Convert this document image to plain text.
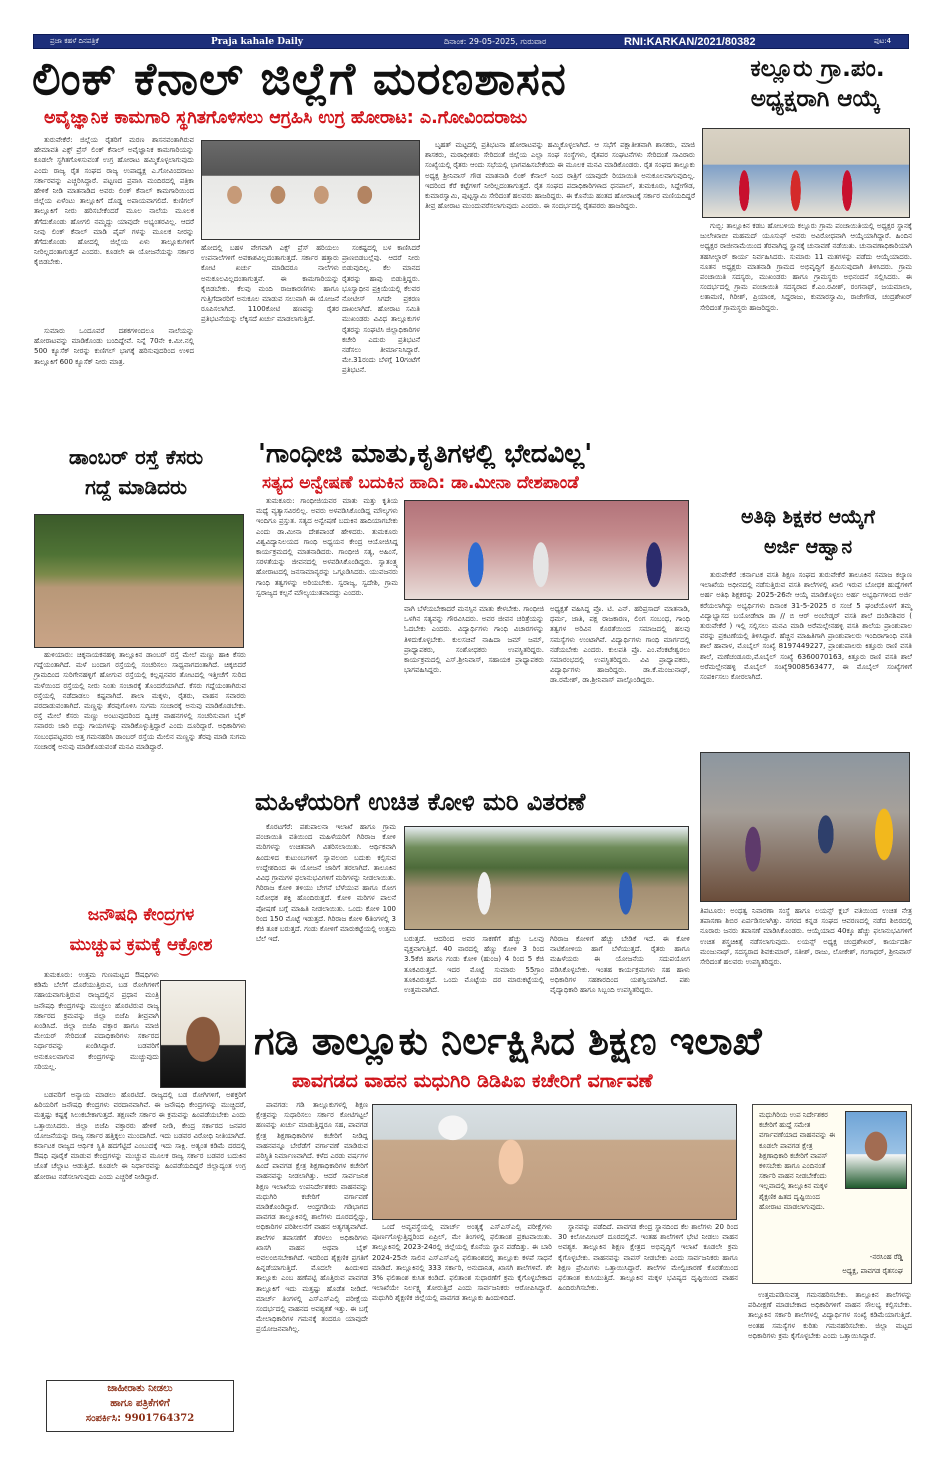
ಪ್ರಜಾ ಕಹಳೆ ದಿನಪತ್ರಿಕೆ	Praja kahale Daily	ದಿನಾಂಕ: 29-05-2025, ಗುರುವಾರ	RNI:KARKAN/2021/80382	ಪುಟ:4
ಲಿಂಕ್ ಕೆನಾಲ್ ಜಿಲ್ಲೆಗೆ ಮರಣಶಾಸನ
ಅವೈಜ್ಞಾನಿಕ ಕಾಮಗಾರಿ ಸ್ಥಗಿತಗೊಳಿಸಲು ಆಗ್ರಹಿಸಿ ಉಗ್ರ ಹೋರಾಟ: ಎ.ಗೋವಿಂದರಾಜು

ತುರುವೇಕೆರೆ: ಜಿಲ್ಲೆಯ ರೈತರಿಗೆ ಮರಣ ಶಾಸನವಂತಾಗಿರುವ ಹೇಮಾವತಿ ಎಕ್ಸ್ ಪ್ರೆಸ್ ಲಿಂಕ್ ಕೆನಾಲ್ ಅವೈಜ್ಞಾನಿಕ ಕಾಮಗಾರಿಯನ್ನು ಕೂಡಲೇ ಸ್ಥಗಿತಗೊಳಿಸುವಂತೆ ಉಗ್ರ ಹೋರಾಟ ಹಮ್ಮಿಕೊಳ್ಳಲಾಗುವುದು ಎಂದು ರಾಜ್ಯ ರೈತ ಸಂಘದ ರಾಜ್ಯ ಉಪಾಧ್ಯಕ್ಷ ಎ.ಗೋವಿಂದರಾಜು ಸರ್ಕಾರವನ್ನು ಎಚ್ಚರಿಸಿದ್ದಾರೆ. ಪಟ್ಟಣದ ಪ್ರವಾಸಿ ಮಂದಿರದಲ್ಲಿ ಪತ್ರಿಕಾ ಹೇಳಿಕೆ ನೀಡಿ ಮಾತನಾಡಿದ ಅವರು ಲಿಂಕ್ ಕೆನಾಲ್ ಕಾಮಗಾರಿಯಿಂದ ಜಿಲ್ಲೆಯ ಏಳೆಂಟು ತಾಲ್ಲೂಕಿಗೆ ದೊಡ್ಡ ಅಪಾಯವಾಗಲಿದೆ. ಕುಣಿಗಲ್ ತಾಲ್ಲೂಕಿಗೆ ನೀರು ಹರಿಸಬೇಕೆಂದರೆ ಮೂಲ ನಾಲೆಯ ಮೂಲಕ ತೆಗೆದುಕೊಂಡು ಹೋಗಲಿ ನಮ್ಮದ್ದು ಯಾವುದೇ ಅಭ್ಯಂತರವಿಲ್ಲ. ಆದರೆ ನೀವು ಲಿಂಕ್ ಕೆನಾಲ್ ಮಾಡಿ ಪೈಪ್ ಗಳನ್ನು ಮೂಲಕ ನೀರನ್ನು ತೆಗೆದುಕೊಂಡು ಹೋದಲ್ಲಿ ಜಿಲ್ಲೆಯ ಏಳು ತಾಲ್ಲೂಕುಗಳಿಗೆ ನೀರಿಲ್ಲದಂತಾಗುತ್ತದೆ ಎಂದರು. ಕೂಡಲೇ ಈ ಯೋಜನೆಯನ್ನು ಸರ್ಕಾರ ಕೈಬಿಡಬೇಕು.

ಸುಮಾರು ಒಂದೂವರೆ ದಶಕಗಳಿಂದಲೂ ನಾಲೆಯನ್ನು ಹೋರಾಟವನ್ನು ಮಾಡಿಕೊಂಡು ಬಂದಿದ್ದೇವೆ. ನಿನ್ನೆ 70ನೇ ಕಿ.ಮೀ.ನಲ್ಲಿ 500 ಕ್ಯೂಸೆಕ್ ನೀರನ್ನು ಕುಣಿಗಲ್ ಭಾಗಕ್ಕೆ ಹರಿಸುವುದರಿಂದ ಉಳಿದ ತಾಲ್ಲೂಕಿಗೆ 600 ಕ್ಯೂಸೆಕ್ ನೀರು ಮಾತ್ರ.

ಹೋದಲ್ಲಿ ಬಹಳ ವೇಗವಾಗಿ ಎಕ್ಸ್ ಪ್ರೆಸ್ ಹರಿಯಲು ಉಪನಾಲೆಗಳಿಗೆ ಅವಕಾಶವಿಲ್ಲದಂತಾಗುತ್ತದೆ. ಸರ್ಕಾರ ಹತ್ತಾರು ಕೋಟಿ ಖರ್ಚು ಮಾಡಿದರೂ ನಾಲೆಗಳು ಅನುಕೂಲವಿಲ್ಲದಂತಾಗುತ್ತವೆ. ಈ ಕಾಮಗಾರಿಯನ್ನು ಕೈಬಿಡಬೇಕು. ಕೆಲವು ಮಂದಿ ರಾಜಕಾರಣಿಗಳು ಹಾಗೂ ಗುತ್ತಿಗೆದಾರರಿಗೆ ಅನುಕೂಲ ಮಾಡುವ ಸಲುವಾಗಿ ಈ ಯೋಜನೆ ರೂಪಿಸಲಾಗಿದೆ. 1100ಕೋಟಿ ಹಣವನ್ನು ರೈತರ ಪ್ರತಿಭಟನೆಯನ್ನು ಲೆಕ್ಕಿಸದೆ ಖರ್ಚು ಮಾಡಲಾಗುತ್ತಿದೆ.

ಸಂಕಷ್ಟದಲ್ಲಿ ಬಳ ಕಾಣಿಸಿದರೆ ಪ್ರಾಣಬಿಡಬಲ್ಲೆವು. ಆದರೆ ನೀರು ಬಿಡುವುದಿಲ್ಲ. ಕೆಲ ಮಾನದ ರೈತರನ್ನು ಹಾವು ಬಿಡುತ್ತಿದ್ದರು. ಭೂಸ್ವಾಧೀನ ಪ್ರಕ್ರಿಯೆಯಲ್ಲಿ ಕೆಲವರ ನೋಟೀಸ್ ಸಿಗದೇ ಪ್ರಕರಣ ದಾಖಲಾಗಿದೆ. ಹೋರಾಟ ಸಮಿತಿ ಮುಖಂಡರು ವಿವಿಧ ತಾಲ್ಲೂಕುಗಳ ರೈತರನ್ನು ಸಂಘಟಿಸಿ ಜಿಲ್ಲಾಧಿಕಾರಿಗಳ ಕಚೇರಿ ಎದುರು ಪ್ರತಿಭಟನೆ ನಡೆಸಲು ತೀರ್ಮಾನಿಸಿದ್ದಾರೆ. ಮೇ.31ರಂದು ಬೆಳಗ್ಗೆ 10ಗಂಟೆಗೆ ಪ್ರತಿಭಟನೆ.

ಬೃಹತ್ ಮಟ್ಟದಲ್ಲಿ ಪ್ರತಿಭಟನಾ ಹೋರಾಟವನ್ನು ಹಮ್ಮಿಕೊಳ್ಳಲಾಗಿದೆ. ಆ ಸಭೆಗೆ ಪಕ್ಷಾತೀತವಾಗಿ ಶಾಸಕರು, ಮಾಜಿ ಶಾಸಕರು, ಮಠಾಧೀಶರು ಸೇರಿದಂತೆ ಜಿಲ್ಲೆಯ ಎಲ್ಲಾ ಸಂಘ ಸಂಸ್ಥೆಗಳು, ರೈತಪರ ಸಂಘಟನೆಗಳು ಸೇರಿದಂತೆ ಸಾವಿರಾರು ಸಂಖ್ಯೆಯಲ್ಲಿ ರೈತರು ಆಂದು ಸಭೆಯಲ್ಲಿ ಭಾಗವಹಿಸಬೇಕೆಂದು ಈ ಮೂಲಕ ಮನವಿ ಮಾಡಿಕೊಂಡರು. ರೈತ ಸಂಘದ ತಾಲ್ಲೂಕು ಅಧ್ಯಕ್ಷ ಶ್ರೀನಿವಾಸ್ ಗೌಡ ಮಾತನಾಡಿ ಲಿಂಕ್ ಕೆನಾಲ್ ನಿಂದ ರಾತ್ರಿಗೆ ಯಾವುದೇ ರಿಯಾಯಿತಿ ಅನುಕೂಲವಾಗುವುದಿಲ್ಲ. ಇದರಿಂದ ಕೆರೆ ಕಟ್ಟೆಗಳಿಗೆ ನೀರಿಲ್ಲದಂತಾಗುತ್ತದೆ. ರೈತ ಸಂಘದ ಪದಾಧಿಕಾರಿಗಳಾದ ಧನಪಾಲ್, ತುಮಕೂರು, ಸಿದ್ದೇಗೌಡ, ಕುಮಾರಸ್ವಾಮಿ, ಪುಟ್ಟಸ್ವಾಮಿ ಸೇರಿದಂತೆ ಹಲವರು ಹಾಜರಿದ್ದರು. ಈ ಕೊನೆಯ ಹಂತದ ಹೋರಾಟಕ್ಕೆ ಸರ್ಕಾರ ಮಣಿಯದಿದ್ದರೆ ತೀವ್ರ ಹೋರಾಟ ಮುಂದುವರೆಸಲಾಗುವುದು ಎಂದರು. ಈ ಸಂದರ್ಭದಲ್ಲಿ ರೈತಪರರು ಹಾಜರಿದ್ದರು.

ಕಲ್ಲೂರು ಗ್ರಾ.ಪಂ.
ಅಧ್ಯಕ್ಷರಾಗಿ ಆಯ್ಕೆ

ಗುಬ್ಬಿ: ತಾಲ್ಲೂಕಿನ ಕಡಬ ಹೋಬಳಿಯ ಕಲ್ಲೂರು ಗ್ರಾಮ ಪಂಚಾಯಿತಿಯಲ್ಲಿ ಅಧ್ಯಕ್ಷರ ಸ್ಥಾನಕ್ಕೆ ಜುಲೇಖಾಬೀ ಮಹಮದ್ ಯೂಸುಫ್ ಅವರು ಅವಿರೋಧವಾಗಿ ಆಯ್ಕೆಯಾಗಿದ್ದಾರೆ. ಹಿಂದಿನ ಅಧ್ಯಕ್ಷರ ರಾಜೀನಾಮೆಯಿಂದ ತೆರವಾಗಿದ್ದ ಸ್ಥಾನಕ್ಕೆ ಚುನಾವಣೆ ನಡೆಯಿತು. ಚುನಾವಣಾಧಿಕಾರಿಯಾಗಿ ತಹಸೀಲ್ದಾರ್ ಕಾರ್ಯ ನಿರ್ವಹಿಸಿದರು. ಸುಮಾರು 11 ಮತಗಳನ್ನು ಪಡೆದು ಆಯ್ಕೆಯಾದರು. ನೂತನ ಅಧ್ಯಕ್ಷರು ಮಾತನಾಡಿ ಗ್ರಾಮದ ಅಭಿವೃದ್ಧಿಗೆ ಶ್ರಮಿಸುವುದಾಗಿ ತಿಳಿಸಿದರು. ಗ್ರಾಮ ಪಂಚಾಯಿತಿ ಸದಸ್ಯರು, ಮುಖಂಡರು ಹಾಗೂ ಗ್ರಾಮಸ್ಥರು ಅಭಿನಂದನೆ ಸಲ್ಲಿಸಿದರು. ಈ ಸಂದರ್ಭದಲ್ಲಿ ಗ್ರಾಮ ಪಂಚಾಯಿತಿ ಸದಸ್ಯರಾದ ಕೆ.ಎಂ.ರವೀಶ್, ರಂಗನಾಥ್, ಜಯಮಾಲಾ, ಲತಾಮಣಿ, ಗಿರೀಶ್, ಪ್ರಿಯಾಂಕ, ಸಿದ್ದರಾಜು, ಕುಮಾರಸ್ವಾಮಿ, ರಾಜೇಗೌಡ, ಚಂದ್ರಶೇಖರ್ ಸೇರಿದಂತೆ ಗ್ರಾಮಸ್ಥರು ಹಾಜರಿದ್ದರು.

ಡಾಂಬರ್ ರಸ್ತೆ ಕೆಸರು
ಗದ್ದೆ ಮಾಡಿದರು

ಹುಳಿಯಾರು: ಚಿಕ್ಕನಾಯಕನಹಳ್ಳಿ ತಾಲ್ಲೂಕಿನ ಡಾಂಬರ್ ರಸ್ತೆ ಮೇಲೆ ಮಣ್ಣು ಹಾಕಿ ಕೆಸರು ಗದ್ದೆಯಂತಾಗಿದೆ. ಮಳೆ ಬಂದಾಗ ರಸ್ತೆಯಲ್ಲಿ ಸಂಚರಿಸಲು ಸಾಧ್ಯವಾಗದಂತಾಗಿದೆ. ಚಿಕ್ಕಬಿದರೆ ಗ್ರಾಮದಿಂದ ಸುರಿಗೇನಹಳ್ಳಿಗೆ ಹೋಗುವ ರಸ್ತೆಯಲ್ಲಿ ಕಲ್ಲಪ್ಪನವರ ತೋಟದಲ್ಲಿ ಇತ್ತೀಚೆಗೆ ಸುರಿದ ಮಳೆಯಿಂದ ರಸ್ತೆಯಲ್ಲಿ ನೀರು ನಿಂತು ಸಂಚಾರಕ್ಕೆ ತೊಂದರೆಯಾಗಿದೆ. ಕೆಸರು ಗದ್ದೆಯಂತಾಗಿರುವ ರಸ್ತೆಯಲ್ಲಿ ನಡೆದಾಡಲು ಕಷ್ಟವಾಗಿದೆ. ಶಾಲಾ ಮಕ್ಕಳು, ರೈತರು, ವಾಹನ ಸವಾರರು ಪರದಾಡುವಂತಾಗಿದೆ. ಮಣ್ಣನ್ನು ತೆರವುಗೊಳಿಸಿ ಸುಗಮ ಸಂಚಾರಕ್ಕೆ ಅನುವು ಮಾಡಿಕೊಡಬೇಕು. ರಸ್ತೆ ಮೇಲೆ ಕೆಸರು ಮಣ್ಣು ಅಂಟುವುದರಿಂದ ದ್ವಿಚಕ್ರ ವಾಹನಗಳಲ್ಲಿ ಸಂಚರಿಸುವಾಗ ಬೈಕ್ ಸವಾರರು ಜಾರಿ ಬಿದ್ದು ಗಾಯಗಳನ್ನು ಮಾಡಿಕೊಳ್ಳುತ್ತಿದ್ದಾರೆ ಎಂದು ದೂರಿದ್ದಾರೆ. ಅಧಿಕಾರಿಗಳು ಸಂಬಂಧಪಟ್ಟವರು ಅತ್ತ ಗಮನಹರಿಸಿ ಡಾಂಬರ್ ರಸ್ತೆಯ ಮೇಲಿನ ಮಣ್ಣನ್ನು ತೆರವು ಮಾಡಿ ಸುಗಮ ಸಂಚಾರಕ್ಕೆ ಅನುವು ಮಾಡಿಕೊಡುವಂತೆ ಮನವಿ ಮಾಡಿದ್ದಾರೆ.

'ಗಾಂಧೀಜಿ ಮಾತು,ಕೃತಿಗಳಲ್ಲಿ ಭೇದವಿಲ್ಲ'
ಸತ್ಯದ ಅನ್ವೇಷಣೆ ಬದುಕಿನ ಹಾದಿ: ಡಾ.ಮೀನಾ ದೇಶಪಾಂಡೆ

ತುಮಕೂರು: ಗಾಂಧೀಜಿಯವರ ಮಾತು ಮತ್ತು ಕೃತಿಯ ಮಧ್ಯೆ ವ್ಯತ್ಯಾಸವಿರಲಿಲ್ಲ. ಅವರು ಅಳವಡಿಸಿಕೊಂಡಿದ್ದ ಮೌಲ್ಯಗಳು ಇಂದಿಗೂ ಪ್ರಸ್ತುತ. ಸತ್ಯದ ಅನ್ವೇಷಣೆ ಬದುಕಿನ ಹಾದಿಯಾಗಬೇಕು ಎಂದು ಡಾ.ಮೀನಾ ದೇಶಪಾಂಡೆ ಹೇಳಿದರು. ತುಮಕೂರು ವಿಶ್ವವಿದ್ಯಾನಿಲಯದ ಗಾಂಧಿ ಅಧ್ಯಯನ ಕೇಂದ್ರ ಆಯೋಜಿಸಿದ್ದ ಕಾರ್ಯಕ್ರಮದಲ್ಲಿ ಮಾತನಾಡಿದರು. ಗಾಂಧೀಜಿ ಸತ್ಯ, ಅಹಿಂಸೆ, ಸರಳತೆಯನ್ನು ಜೀವನದಲ್ಲಿ ಅಳವಡಿಸಿಕೊಂಡಿದ್ದರು. ಸ್ವಾತಂತ್ರ್ಯ ಹೋರಾಟದಲ್ಲಿ ಜನಸಾಮಾನ್ಯರನ್ನು ಒಗ್ಗೂಡಿಸಿದರು. ಯುವಜನರು ಗಾಂಧಿ ತತ್ವಗಳನ್ನು ಅರಿಯಬೇಕು. ಸ್ವರಾಜ್ಯ, ಸ್ವದೇಶಿ, ಗ್ರಾಮ ಸ್ವರಾಜ್ಯದ ಕಲ್ಪನೆ ಮೌಲ್ಯಯುತವಾದದ್ದು ಎಂದರು.

ವಾಗಿ ಬೆಳೆಯಬೇಕಾದರೆ ಮನಸ್ಸಿನ ಮಾತು ಕೇಳಬೇಕು. ಗಾಂಧೀಜಿ ಒಳಗಿನ ಸತ್ಯವನ್ನು ಗೌರವಿಸಿದರು. ಅವರ ಜೀವನ ಚರಿತ್ರೆಯನ್ನು ಓದಬೇಕು ಎಂದರು. ವಿದ್ಯಾರ್ಥಿಗಳು ಗಾಂಧಿ ವಿಚಾರಗಳನ್ನು ತಿಳಿದುಕೊಳ್ಳಬೇಕು. ಕುಲಸಚಿವೆ ನಾಹಿದಾ ಜಮ್ ಜಮ್, ಪ್ರಾಧ್ಯಾಪಕರು, ಸಂಶೋಧಕರು ಉಪಸ್ಥಿತರಿದ್ದರು. ಕಾರ್ಯಕ್ರಮದಲ್ಲಿ ಎಸ್.ಶ್ರೀನಿವಾಸ್, ಸಹಾಯಕ ಪ್ರಾಧ್ಯಾಪಕರು ಭಾಗವಹಿಸಿದ್ದರು.

ಅಧ್ಯಕ್ಷತೆ ವಹಿಸಿದ್ದ ಪ್ರೊ. ಟಿ. ಎನ್. ಹರಿಪ್ರಸಾದ್ ಮಾತನಾಡಿ, ಧರ್ಮ, ಜಾತಿ, ಪಕ್ಷ ರಾಜಕಾರಣ, ಲಿಂಗ ಸಂಬಂಧ, ಗಾಂಧಿ ತತ್ವಗಳ ಅರಿವಿನ ಕೊರತೆಯಿಂದ ಸಮಾಜದಲ್ಲಿ ಹಲವು ಸಮಸ್ಯೆಗಳು ಉಂಟಾಗಿವೆ. ವಿದ್ಯಾರ್ಥಿಗಳು ಗಾಂಧಿ ಮಾರ್ಗದಲ್ಲಿ ನಡೆಯಬೇಕು ಎಂದರು. ಕುಲಪತಿ ಪ್ರೊ. ಎಂ.ವೆಂಕಟೇಶ್ವರಲು ಸಮಾರಂಭದಲ್ಲಿ ಉಪಸ್ಥಿತರಿದ್ದರು. ವಿವಿ ಪ್ರಾಧ್ಯಾಪಕರು, ವಿದ್ಯಾರ್ಥಿಗಳು ಹಾಜರಿದ್ದರು. ಡಾ.ಕೆ.ಮಂಜುನಾಥ್, ಡಾ.ರಮೇಶ್, ಡಾ.ಶ್ರೀನಿವಾಸ್ ಪಾಲ್ಗೊಂಡಿದ್ದರು.

ಅತಿಥಿ ಶಿಕ್ಷಕರ ಆಯ್ಕೆಗೆ
ಅರ್ಜಿ ಆಹ್ವಾನ

ತುರುವೇಕೆರೆ :ಕರ್ನಾಟಕ ವಸತಿ ಶಿಕ್ಷಣ ಸಂಘದ ತುರುವೇಕೆರೆ ತಾಲೂಕಿನ ಸಮಾಜ ಕಲ್ಯಾಣ ಇಲಾಖೆಯ ಅಧೀನದಲ್ಲಿ ನಡೆಸುತ್ತಿರುವ ವಸತಿ ಶಾಲೆಗಳಲ್ಲಿ ಖಾಲಿ ಇರುವ ಬೋಧಕ ಹುದ್ದೆಗಳಿಗೆ ಅರ್ಹ ಅತಿಥಿ ಶಿಕ್ಷಕರನ್ನು 2025-26ನೇ ಆಯ್ಕೆ ಮಾಡಿಕೊಳ್ಳಲು ಅರ್ಹ ಅಭ್ಯರ್ಥಿಗಳಿಂದ ಅರ್ಜಿ ಕರೆಯಲಾಗಿದ್ದು ಅಭ್ಯರ್ಥಿಗಳು ದಿನಾಂಕ 31-5-2025 ರ ಸಂಜೆ 5 ಘಂಟೆಯೊಳಗೆ ತಮ್ಮ ವಿದ್ಯಾಭ್ಯಾಸದ ಬಯೋಡೇಟಾ ಡಾ // ಬಿ ಆರ್ ಅಂಬೇಡ್ಕರ್ ವಸತಿ ಶಾಲೆ ದಂಡಿನಶಿವರ ( ತುರುವೇಕೆರೆ ) ಇಲ್ಲಿ ಸಲ್ಲಿಸಲು ಮನವಿ ಮಾಡಿ ಅರೆಮಲ್ಲೇನಹಳ್ಳಿ ವಸತಿ ಶಾಲೆಯ ಪ್ರಾಂಶುಪಾಲ ವರನ್ನು ಪ್ರಕಟಣೆಯಲ್ಲಿ ತಿಳಿಸಿದ್ದಾರೆ. ಹೆಚ್ಚಿನ ಮಾಹಿತಿಗಾಗಿ ಪ್ರಾಂಶುಪಾಲರು ಇಂದಿರಾಗಾಂಧಿ ವಸತಿ ಶಾಲೆ ಹಾವಾಳ, ಮೊಬೈಲ್ ಸಂಖ್ಯೆ 8197449227, ಪ್ರಾಂಶುಪಾಲರು ಕಿತ್ತೂರು ರಾಣಿ ವಸತಿ ಶಾಲೆ, ಮಣೆಚಂಡೂರು,ಮೊಬೈಲ್ ಸಂಖ್ಯೆ 6360070163, ಕಿತ್ತೂರು ರಾಣಿ ವಸತಿ ಶಾಲೆ ಅರೆಮಲ್ಲೇನಹಳ್ಳಿ ಮೊಬೈಲ್ ಸಂಖ್ಯೆ9008563477, ಈ ಮೊಬೈಲ್ ಸಂಖ್ಯೆಗಳಿಗೆ ಸಂಪರ್ಕಿಸಲು ಕೋರಲಾಗಿದೆ.

ತಿಪಟೂರು: ಅಂಧತ್ವ ನಿವಾರಣಾ ಸಂಸ್ಥೆ ಹಾಗೂ ಲಯನ್ಸ್ ಕ್ಲಬ್ ವತಿಯಿಂದ ಉಚಿತ ನೇತ್ರ ತಪಾಸಣಾ ಶಿಬಿರ ಏರ್ಪಡಿಸಲಾಗಿತ್ತು. ನಗರದ ಕನ್ನಡ ಸಂಘದ ಆವರಣದಲ್ಲಿ ನಡೆದ ಶಿಬಿರದಲ್ಲಿ ನೂರಾರು ಜನರು ತಪಾಸಣೆ ಮಾಡಿಸಿಕೊಂಡರು. ಆಯ್ಕೆಯಾದ 40ಕ್ಕೂ ಹೆಚ್ಚು ಫಲಾನುಭವಿಗಳಿಗೆ ಉಚಿತ ಶಸ್ತ್ರಚಿಕಿತ್ಸೆ ನಡೆಸಲಾಗುವುದು. ಲಯನ್ಸ್ ಅಧ್ಯಕ್ಷ ಚಂದ್ರಶೇಖರ್, ಕಾರ್ಯದರ್ಶಿ ಮಂಜುನಾಥ್, ಸದಸ್ಯರಾದ ಶಿವಕುಮಾರ್, ಸತೀಶ್, ರಾಜು, ಲೋಕೇಶ್, ಗಂಗಾಧರ್, ಶ್ರೀನಿವಾಸ್ ಸೇರಿದಂತೆ ಹಲವರು ಉಪಸ್ಥಿತರಿದ್ದರು.

ಮಹಿಳೆಯರಿಗೆ ಉಚಿತ ಕೋಳಿ ಮರಿ ವಿತರಣೆ

ಕೊರಟಗೆರೆ: ಪಶುಪಾಲನಾ ಇಲಾಖೆ ಹಾಗೂ ಗ್ರಾಮ ಪಂಚಾಯಿತಿ ವತಿಯಿಂದ ಮಹಿಳೆಯರಿಗೆ ಗಿರಿರಾಜ ಕೋಳಿ ಮರಿಗಳನ್ನು ಉಚಿತವಾಗಿ ವಿತರಿಸಲಾಯಿತು. ಆರ್ಥಿಕವಾಗಿ ಹಿಂದುಳಿದ ಕುಟುಂಬಗಳಿಗೆ ಸ್ವಾವಲಂಬಿ ಬದುಕು ಕಲ್ಪಿಸುವ ಉದ್ದೇಶದಿಂದ ಈ ಯೋಜನೆ ಜಾರಿಗೆ ತರಲಾಗಿದೆ. ತಾಲೂಕಿನ ವಿವಿಧ ಗ್ರಾಮಗಳ ಫಲಾನುಭವಿಗಳಿಗೆ ಮರಿಗಳನ್ನು ನೀಡಲಾಯಿತು. ಗಿರಿರಾಜ ಕೋಳಿ ತಳಿಯು ಬೇಗನೆ ಬೆಳೆಯುವ ಹಾಗೂ ರೋಗ ನಿರೋಧಕ ಶಕ್ತಿ ಹೊಂದಿರುತ್ತದೆ. ಕೋಳಿ ಮರಿಗಳ ಪಾಲನೆ ಪೋಷಣೆ ಬಗ್ಗೆ ಮಾಹಿತಿ ನೀಡಲಾಯಿತು. ಒಂದು ಕೋಳಿ 100 ರಿಂದ 150 ಮೊಟ್ಟೆ ಇಡುತ್ತದೆ. ಗಿರಿರಾಜ ಕೋಳಿ 6ತಿಂಗಳಲ್ಲಿ 3 ಕೆಜಿ ತೂಕ ಬರುತ್ತದೆ. ಗಂಡು ಕೋಳಿಗೆ ಮಾರುಕಟ್ಟೆಯಲ್ಲಿ ಉತ್ತಮ ಬೆಲೆ ಇದೆ.	ಬರುತ್ತದೆ. ಆದರಿಂದ ಅವರ ಸಾಕಣೆಗೆ ಹೆಚ್ಚು ಒಲವು ವ್ಯಕ್ತವಾಗುತ್ತಿದೆ. 40 ವಾರದಲ್ಲಿ ಹೆಣ್ಣು ಕೋಳಿ 3 ರಿಂದ 3.5ಕೆಜಿ ಹಾಗೂ ಗಂಡು ಕೋಳಿ (ಹುಂಜ) 4 ರಿಂದ 5 ಕೆಜಿ ತೂಕವಿರುತ್ತದೆ. ಇದರ ಮೊಟ್ಟೆ ಸುಮಾರು 55ಗ್ರಾಂ ತೂಕವಿರುತ್ತದೆ. ಒಂದು ಮೊಟ್ಟೆಯ ದರ ಮಾರುಕಟ್ಟೆಯಲ್ಲಿ ಉತ್ತಮವಾಗಿದೆ.

ಗಿರಿರಾಜ ಕೋಳಿಗೆ ಹೆಚ್ಚು ಬೇಡಿಕೆ ಇದೆ. ಈ ಕೋಳಿ ನಾಟಿಕೋಳಿಯ ಹಾಗೆ ಬೆಳೆಯುತ್ತದೆ. ರೈತರು ಹಾಗೂ ಮಹಿಳೆಯರು ಈ ಯೋಜನೆಯ ಸದುಪಯೋಗ ಪಡಿಸಿಕೊಳ್ಳಬೇಕು. ಇಂತಹ ಕಾರ್ಯಕ್ರಮಗಳು ಸಹ ಹಾಳು ಅಧಿಕಾರಿಗಳ ಸಹಕಾರದಿಂದ ಯಶಸ್ವಿಯಾಗಿದೆ. ಪಶು ವೈದ್ಯಾಧಿಕಾರಿ ಹಾಗೂ ಸಿಬ್ಬಂದಿ ಉಪಸ್ಥಿತರಿದ್ದರು.

ಜನೌಷಧಿ ಕೇಂದ್ರಗಳ
ಮುಚ್ಚುವ ಕ್ರಮಕ್ಕೆ ಆಕ್ರೋಶ

ತುಮಕೂರು: ಉತ್ತಮ ಗುಣಮಟ್ಟದ ಔಷಧಿಗಳು ಕಡಿಮೆ ಬೆಲೆಗೆ ದೊರೆಯುತ್ತಿರುವ, ಬಡ ರೋಗಿಗಳಿಗೆ ಸಹಾಯವಾಗುತ್ತಿರುವ ರಾಜ್ಯದಲ್ಲಿನ ಪ್ರಧಾನ ಮಂತ್ರಿ ಜನೌಷಧಿ ಕೇಂದ್ರಗಳನ್ನು ಮುಚ್ಚಲು ಹೊರಟಿರುವ ರಾಜ್ಯ ಸರ್ಕಾರದ ಕ್ರಮವನ್ನು ಜಿಲ್ಲಾ ಬಿಜೆಪಿ ತೀವ್ರವಾಗಿ ಖಂಡಿಸಿದೆ. ಜಿಲ್ಲಾ ಬಿಜೆಪಿ ವಕ್ತಾರ ಹಾಗೂ ಮಾಜಿ ಮೇಯರ್ ಸೇರಿದಂತೆ ಪದಾಧಿಕಾರಿಗಳು ಸರ್ಕಾರದ ನಿರ್ಧಾರವನ್ನು ಖಂಡಿಸಿದ್ದಾರೆ. ಬಡವರಿಗೆ ಅನುಕೂಲವಾಗುವ ಕೇಂದ್ರಗಳನ್ನು ಮುಚ್ಚುವುದು ಸರಿಯಲ್ಲ.

ಬಡವರಿಗೆ ಅನ್ಯಾಯ ಮಾಡಲು ಹೊರಟಿದೆ. ರಾಜ್ಯದಲ್ಲಿ ಬಡ ರೋಗಿಗಳಿಗೆ, ಅಶಕ್ತರಿಗೆ ಹಿರಿಯರಿಗೆ ಜನೌಷಧಿ ಕೇಂದ್ರಗಳು ವರದಾನವಾಗಿವೆ. ಈ ಜನೌಷಧಿ ಕೇಂದ್ರಗಳನ್ನು ಮುಚ್ಚಿದರೆ, ಮತ್ತಷ್ಟು ಕಷ್ಟಕ್ಕೆ ಸಿಲುಕಬೇಕಾಗುತ್ತದೆ. ತಕ್ಷಣವೇ ಸರ್ಕಾರ ಈ ಕ್ರಮವನ್ನು ಹಿಂಪಡೆಯಬೇಕು ಎಂದು ಒತ್ತಾಯಿಸಿದರು. ಜಿಲ್ಲಾ ಬಿಜೆಪಿ ವಕ್ತಾರರು ಹೇಳಿಕೆ ನೀಡಿ, ಕೇಂದ್ರ ಸರ್ಕಾರದ ಜನಪರ ಯೋಜನೆಯನ್ನು ರಾಜ್ಯ ಸರ್ಕಾರ ಹತ್ತಿಕ್ಕಲು ಮುಂದಾಗಿದೆ. ಇದು ಬಡವರ ವಿರೋಧಿ ನೀತಿಯಾಗಿದೆ. ಕರ್ನಾಟಕ ರಾಜ್ಯದ ಆರ್ಥಿಕ ಸ್ಥಿತಿ ಹದಗೆಟ್ಟಿದೆ ಎಂಬುದಕ್ಕೆ ಇದು ಸಾಕ್ಷಿ. ಅತ್ಯಂತ ಕಡಿಮೆ ದರದಲ್ಲಿ ಔಷಧಿ ಪೂರೈಕೆ ಮಾಡುವ ಕೇಂದ್ರಗಳನ್ನು ಮುಚ್ಚುವ ಮೂಲಕ ರಾಜ್ಯ ಸರ್ಕಾರ ಬಡವರ ಬದುಕಿನ ಜೊತೆ ಚೆಲ್ಲಾಟ ಆಡುತ್ತಿದೆ. ಕೂಡಲೇ ಈ ನಿರ್ಧಾರವನ್ನು ಹಿಂಪಡೆಯದಿದ್ದರೆ ಜಿಲ್ಲಾದ್ಯಂತ ಉಗ್ರ ಹೋರಾಟ ನಡೆಸಲಾಗುವುದು ಎಂದು ಎಚ್ಚರಿಕೆ ನೀಡಿದ್ದಾರೆ.

ಜಾಹೀರಾತು ನೀಡಲು
ಹಾಗೂ ಪತ್ರಿಕೆಗಳಿಗೆ
ಸಂಪರ್ಕಿಸಿ: 9901764372
ಗಡಿ ತಾಲ್ಲೂಕು ನಿರ್ಲಕ್ಷಿಸಿದ ಶಿಕ್ಷಣ ಇಲಾಖೆ
ಪಾವಗಡದ ವಾಹನ ಮಧುಗಿರಿ ಡಿಡಿಪಿಐ ಕಚೇರಿಗೆ ವರ್ಗಾವಣೆ

ಪಾವಗಡ: ಗಡಿ ತಾಲ್ಲೂಕುಗಳಲ್ಲಿ ಶಿಕ್ಷಣ ಕ್ಷೇತ್ರವನ್ನು ಸುಧಾರಿಸಲು ಸರ್ಕಾರ ಕೋಟಿಗಟ್ಟಲೆ ಹಣವನ್ನು ಖರ್ಚು ಮಾಡುತ್ತಿದ್ದರೂ ಸಹ, ಪಾವಗಡ ಕ್ಷೇತ್ರ ಶಿಕ್ಷಣಾಧಿಕಾರಿಗಳ ಕಚೇರಿಗೆ ನೀಡಿದ್ದ ವಾಹನವನ್ನೂ ಬೇರೆಡೆಗೆ ವರ್ಗಾವಣೆ ಮಾಡಿರುವ ಪರಿಸ್ಥಿತಿ ನಿರ್ಮಾಣವಾಗಿದೆ. ಕಳೆದ ಎರಡು ವರ್ಷಗಳ ಹಿಂದೆ ಪಾವಗಡ ಕ್ಷೇತ್ರ ಶಿಕ್ಷಣಾಧಿಕಾರಿಗಳ ಕಚೇರಿಗೆ ವಾಹನವನ್ನು ನೀಡಲಾಗಿತ್ತು. ಆದರೆ ಸಾರ್ವಜನಿಕ ಶಿಕ್ಷಣ ಇಲಾಖೆಯ ಉಪನಿರ್ದೇಶಕರು ವಾಹನವನ್ನು ಮಧುಗಿರಿ ಕಚೇರಿಗೆ ವರ್ಗಾವಣೆ ಮಾಡಿಕೊಂಡಿದ್ದಾರೆ. ಆಂಧ್ರಗಡಿಯ ಗಡಿಭಾಗದ ಪಾವಗಡ ತಾಲ್ಲೂಕಿನಲ್ಲಿ ಶಾಲೆಗಳು ದೂರದಲ್ಲಿದ್ದು, ಅಧಿಕಾರಿಗಳ ಪರಿಶೀಲನೆಗೆ ವಾಹನ ಅತ್ಯಗತ್ಯವಾಗಿದೆ. ಶಾಲೆಗಳ ತಪಾಸಣೆಗೆ ತೆರಳಲು ಅಧಿಕಾರಿಗಳು ಖಾಸಗಿ ವಾಹನ ಅಥವಾ ಬೈಕ್ ಅವಲಂಬಿಸಬೇಕಾಗಿದೆ. ಇದರಿಂದ ಶೈಕ್ಷಣಿಕ ಪ್ರಗತಿಗೆ ಹಿನ್ನಡೆಯಾಗುತ್ತಿದೆ. ಮೊದಲೇ ಹಿಂದುಳಿದ ತಾಲ್ಲೂಕು ಎಂಬ ಹಣೆಪಟ್ಟಿ ಹೊತ್ತಿರುವ ಪಾವಗಡ ತಾಲ್ಲೂಕಿಗೆ ಇದು ಮತ್ತಷ್ಟು ಹೊಡೆತ ನೀಡಿದೆ. ಮಾರ್ಚ್ ತಿಂಗಳಲ್ಲಿ ಎಸ್ಎಸ್ಎಲ್ಸಿ ಪರೀಕ್ಷೆಯ ಸಂದರ್ಭದಲ್ಲಿ ವಾಹನದ ಅವಶ್ಯಕತೆ ಇತ್ತು. ಈ ಬಗ್ಗೆ ಮೇಲಾಧಿಕಾರಿಗಳ ಗಮನಕ್ಕೆ ತಂದರೂ ಯಾವುದೇ ಪ್ರಯೋಜನವಾಗಿಲ್ಲ.

ಒಂದೆ ಅವ್ಯವಸ್ಥೆಯಲ್ಲಿ ಮಾರ್ಚ್ ಅಂತ್ಯಕ್ಕೆ ಎಸ್ಎಸ್ಎಲ್ಸಿ ಪರೀಕ್ಷೆಗಳು ಪೂರ್ಣಗೊಳ್ಳುತ್ತಿದ್ದರಿಂದ ಏಪ್ರಿಲ್, ಮೇ ತಿಂಗಳಲ್ಲಿ ಫಲಿತಾಂಶ ಪ್ರಕಟವಾಯಿತು. ತಾಲ್ಲೂಕಿನಲ್ಲಿ 2023-24ರಲ್ಲಿ ಜಿಲ್ಲೆಯಲ್ಲಿ ಕೊನೆಯ ಸ್ಥಾನ ಪಡೆದಿತ್ತು. ಈ ಬಾರಿ 2024-25ನೇ ಸಾಲಿನ ಎಸ್ಎಸ್ಎಲ್ಸಿ ಫಲಿತಾಂಶದಲ್ಲಿ ತಾಲ್ಲೂಕು ಕಳಪೆ ಸಾಧನೆ ಮಾಡಿದೆ. ತಾಲ್ಲೂಕಿನಲ್ಲಿ 333 ಸರ್ಕಾರಿ, ಅನುದಾನಿತ, ಖಾಸಗಿ ಶಾಲೆಗಳಿವೆ. ಶೇ 3% ಫಲಿತಾಂಶ ಕುಸಿತ ಕಂಡಿದೆ. ಫಲಿತಾಂಶ ಸುಧಾರಣೆಗೆ ಕ್ರಮ ಕೈಗೊಳ್ಳಬೇಕಾದ ಇಲಾಖೆಯೇ ನಿರ್ಲಕ್ಷ್ಯ ತೋರುತ್ತಿದೆ ಎಂದು ಸಾರ್ವಜನಿಕರು ಆರೋಪಿಸಿದ್ದಾರೆ. ಮಧುಗಿರಿ ಶೈಕ್ಷಣಿಕ ಜಿಲ್ಲೆಯಲ್ಲಿ ಪಾವಗಡ ತಾಲ್ಲೂಕು ಹಿಂದುಳಿದಿದೆ.

ಸ್ಥಾನವನ್ನು ಪಡೆದಿದೆ. ಪಾವಗಡ ಕೇಂದ್ರ ಸ್ಥಾನದಿಂದ ಕೆಲ ಶಾಲೆಗಳು 20 ರಿಂದ 30 ಕಿಲೋಮೀಟರ್ ದೂರದಲ್ಲಿವೆ. ಇಂತಹ ಶಾಲೆಗಳಿಗೆ ಭೇಟಿ ನೀಡಲು ವಾಹನ ಅವಶ್ಯಕ. ತಾಲ್ಲೂಕಿನ ಶಿಕ್ಷಣ ಕ್ಷೇತ್ರದ ಅಭಿವೃದ್ಧಿಗೆ ಇಲಾಖೆ ಕೂಡಲೇ ಕ್ರಮ ಕೈಗೊಳ್ಳಬೇಕು. ವಾಹನವನ್ನು ವಾಪಸ್ ನೀಡಬೇಕು ಎಂದು ಸಾರ್ವಜನಿಕರು ಹಾಗೂ ಶಿಕ್ಷಣ ಪ್ರೇಮಿಗಳು ಒತ್ತಾಯಿಸಿದ್ದಾರೆ. ಶಾಲೆಗಳ ಮೇಲ್ವಿಚಾರಣೆ ಕೊರತೆಯಿಂದ ಫಲಿತಾಂಶ ಕುಸಿಯುತ್ತಿದೆ. ತಾಲ್ಲೂಕಿನ ಮಕ್ಕಳ ಭವಿಷ್ಯದ ದೃಷ್ಟಿಯಿಂದ ವಾಹನ ಹಿಂದಿರುಗಿಸಬೇಕು.

ಉತ್ತಮಪಡಿಸುವತ್ತ ಗಮನಹರಿಸಬೇಕು. ತಾಲ್ಲೂಕಿನ ಶಾಲೆಗಳನ್ನು ಪರಿವೀಕ್ಷಣೆ ಮಾಡಬೇಕಾದ ಅಧಿಕಾರಿಗಳಿಗೆ ವಾಹನ ಸೌಲಭ್ಯ ಕಲ್ಪಿಸಬೇಕು. ತಾಲ್ಲೂಕಿನ ಸರ್ಕಾರಿ ಶಾಲೆಗಳಲ್ಲಿ ವಿದ್ಯಾರ್ಥಿಗಳ ಸಂಖ್ಯೆ ಕಡಿಮೆಯಾಗುತ್ತಿದೆ. ಅಂತಹ ಸಮಸ್ಯೆಗಳ ಕುರಿತು ಗಮನಹರಿಸಬೇಕು. ಜಿಲ್ಲಾ ಮಟ್ಟದ ಅಧಿಕಾರಿಗಳು ಕ್ರಮ ಕೈಗೊಳ್ಳಬೇಕು ಎಂದು ಒತ್ತಾಯಿಸಿದ್ದಾರೆ.

ಮಧುಗಿರಿಯ ಉಪ ನಿರ್ದೇಶಕರ ಕಚೇರಿಗೆ ಹುದ್ದೆ ಸಮೇತ ವರ್ಗಾವಣೆಯಾದ ವಾಹನವನ್ನು ಈ ಕೂಡಲೇ ಪಾವಗಡ ಕ್ಷೇತ್ರ ಶಿಕ್ಷಣಾಧಿಕಾರಿ ಕಚೇರಿಗೆ ವಾಪಸ್ ಕಳಿಸಬೇಕು ಹಾಗೂ ಎಂದಿನಂತೆ ಸರ್ಕಾರಿ ವಾಹನ ನೀಡಬೇಕೆಂದು ಇಲ್ಲವಾದಲ್ಲಿ ತಾಲ್ಲೂಕಿನ ಮಕ್ಕಳ ಶೈಕ್ಷಣಿಕ ಹಿತದ ದೃಷ್ಟಿಯಿಂದ ಹೋರಾಟ ಮಾಡಲಾಗುವುದು.
-ನರಸಿಂಹ ರೆಡ್ಡಿ
ಅಧ್ಯಕ್ಷ, ಪಾವಗಡ ರೈತಸಂಘ
